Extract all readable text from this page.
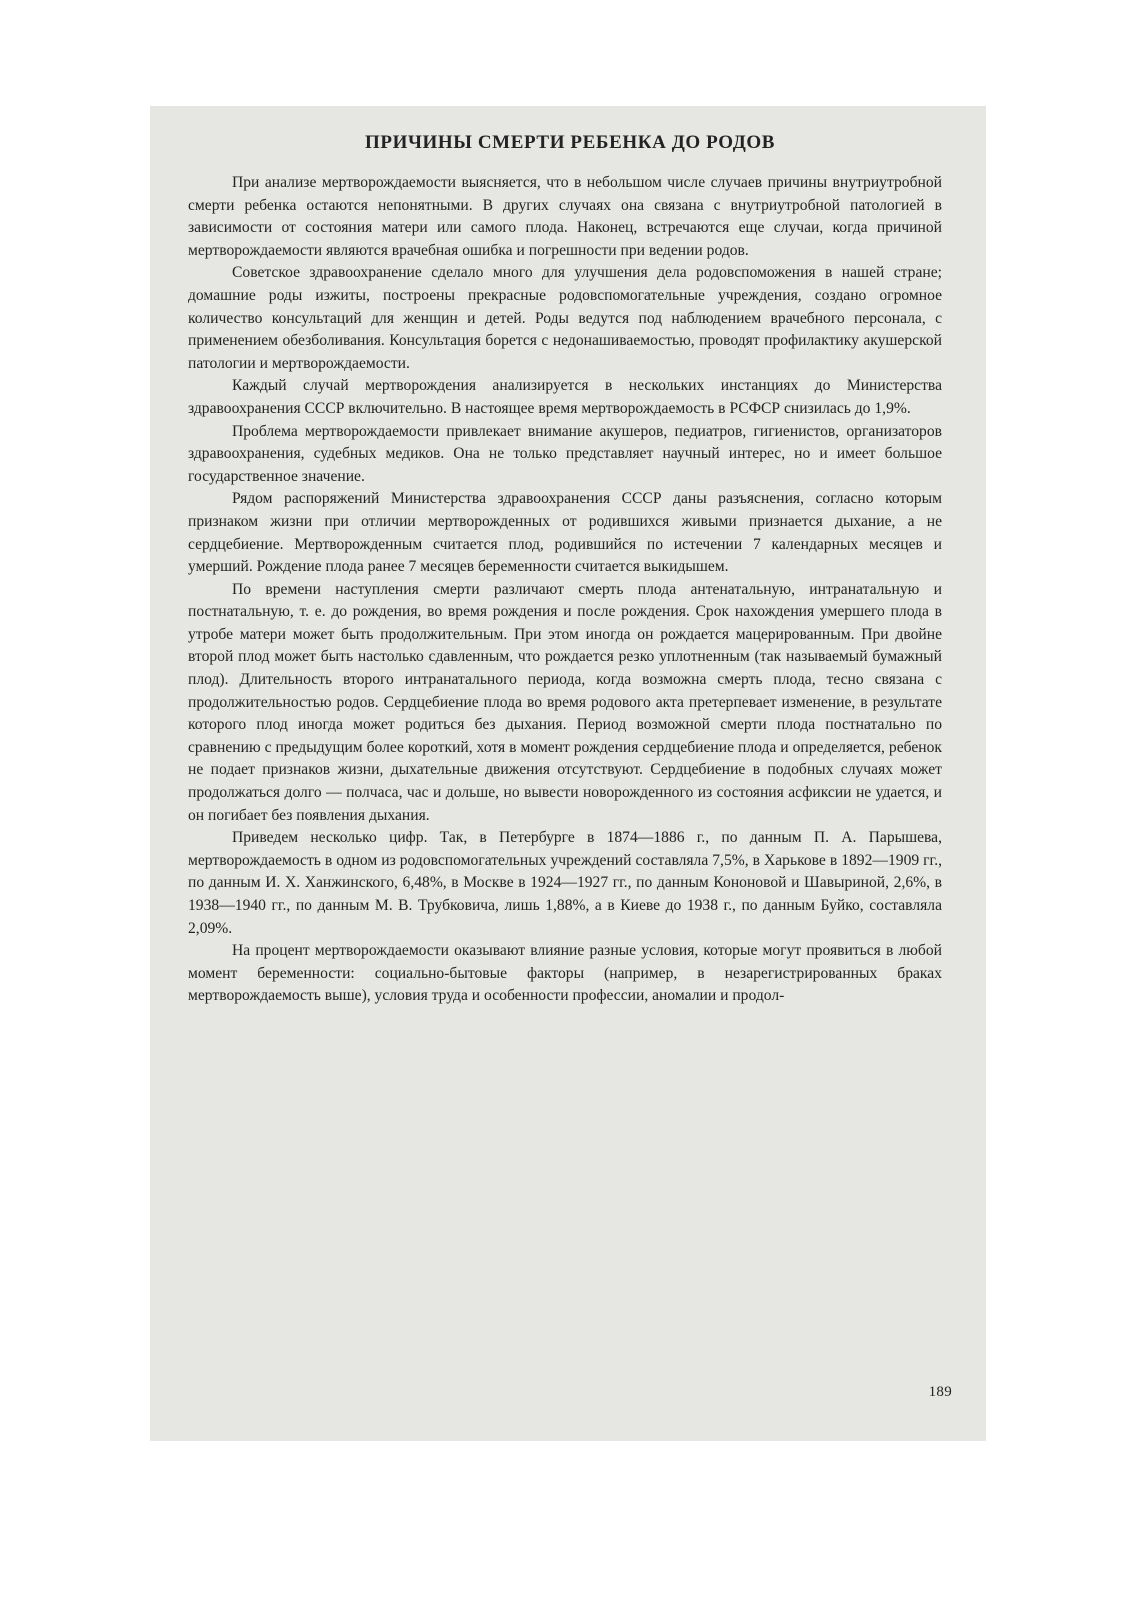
ПРИЧИНЫ СМЕРТИ РЕБЕНКА ДО РОДОВ

При анализе мертворождаемости выясняется, что в небольшом числе случаев причины внутриутробной смерти ребенка остаются непонятными. В других случаях она связана с внутриутробной патологией в зависимости от состояния матери или самого плода. Наконец, встречаются еще случаи, когда причиной мертворождаемости являются врачебная ошибка и погрешности при ведении родов.

Советское здравоохранение сделало много для улучшения дела родовспоможения в нашей стране; домашние роды изжиты, построены прекрасные родовспомогательные учреждения, создано огромное количество консультаций для женщин и детей. Роды ведутся под наблюдением врачебного персонала, с применением обезболивания. Консультация борется с недонашиваемостью, проводят профилактику акушерской патологии и мертворождаемости.

Каждый случай мертворождения анализируется в нескольких инстанциях до Министерства здравоохранения СССР включительно. В настоящее время мертворождаемость в РСФСР снизилась до 1,9%.

Проблема мертворождаемости привлекает внимание акушеров, педиатров, гигиенистов, организаторов здравоохранения, судебных медиков. Она не только представляет научный интерес, но и имеет большое государственное значение.

Рядом распоряжений Министерства здравоохранения СССР даны разъяснения, согласно которым признаком жизни при отличии мертворожденных от родившихся живыми признается дыхание, а не сердцебиение. Мертворожденным считается плод, родившийся по истечении 7 календарных месяцев и умерший. Рождение плода ранее 7 месяцев беременности считается выкидышем.

По времени наступления смерти различают смерть плода антенатальную, интранатальную и постнатальную, т. е. до рождения, во время рождения и после рождения. Срок нахождения умершего плода в утробе матери может быть продолжительным. При этом иногда он рождается мацерированным. При двойне второй плод может быть настолько сдавленным, что рождается резко уплотненным (так называемый бумажный плод). Длительность второго интранатального периода, когда возможна смерть плода, тесно связана с продолжительностью родов. Сердцебиение плода во время родового акта претерпевает изменение, в результате которого плод иногда может родиться без дыхания. Период возможной смерти плода постнатально по сравнению с предыдущим более короткий, хотя в момент рождения сердцебиение плода и определяется, ребенок не подает признаков жизни, дыхательные движения отсутствуют. Сердцебиение в подобных случаях может продолжаться долго — полчаса, час и дольше, но вывести новорожденного из состояния асфиксии не удается, и он погибает без появления дыхания.

Приведем несколько цифр. Так, в Петербурге в 1874—1886 г., по данным П. А. Парышева, мертворождаемость в одном из родовспомогательных учреждений составляла 7,5%, в Харькове в 1892—1909 гг., по данным И. Х. Ханжинского, 6,48%, в Москве в 1924—1927 гг., по данным Кононовой и Шавыриной, 2,6%, в 1938—1940 гг., по данным М. В. Трубковича, лишь 1,88%, а в Киеве до 1938 г., по данным Буйко, составляла 2,09%.

На процент мертворождаемости оказывают влияние разные условия, которые могут проявиться в любой момент беременности: социально-бытовые факторы (например, в незарегистрированных браках мертворождаемость выше), условия труда и особенности профессии, аномалии и продол-

189
